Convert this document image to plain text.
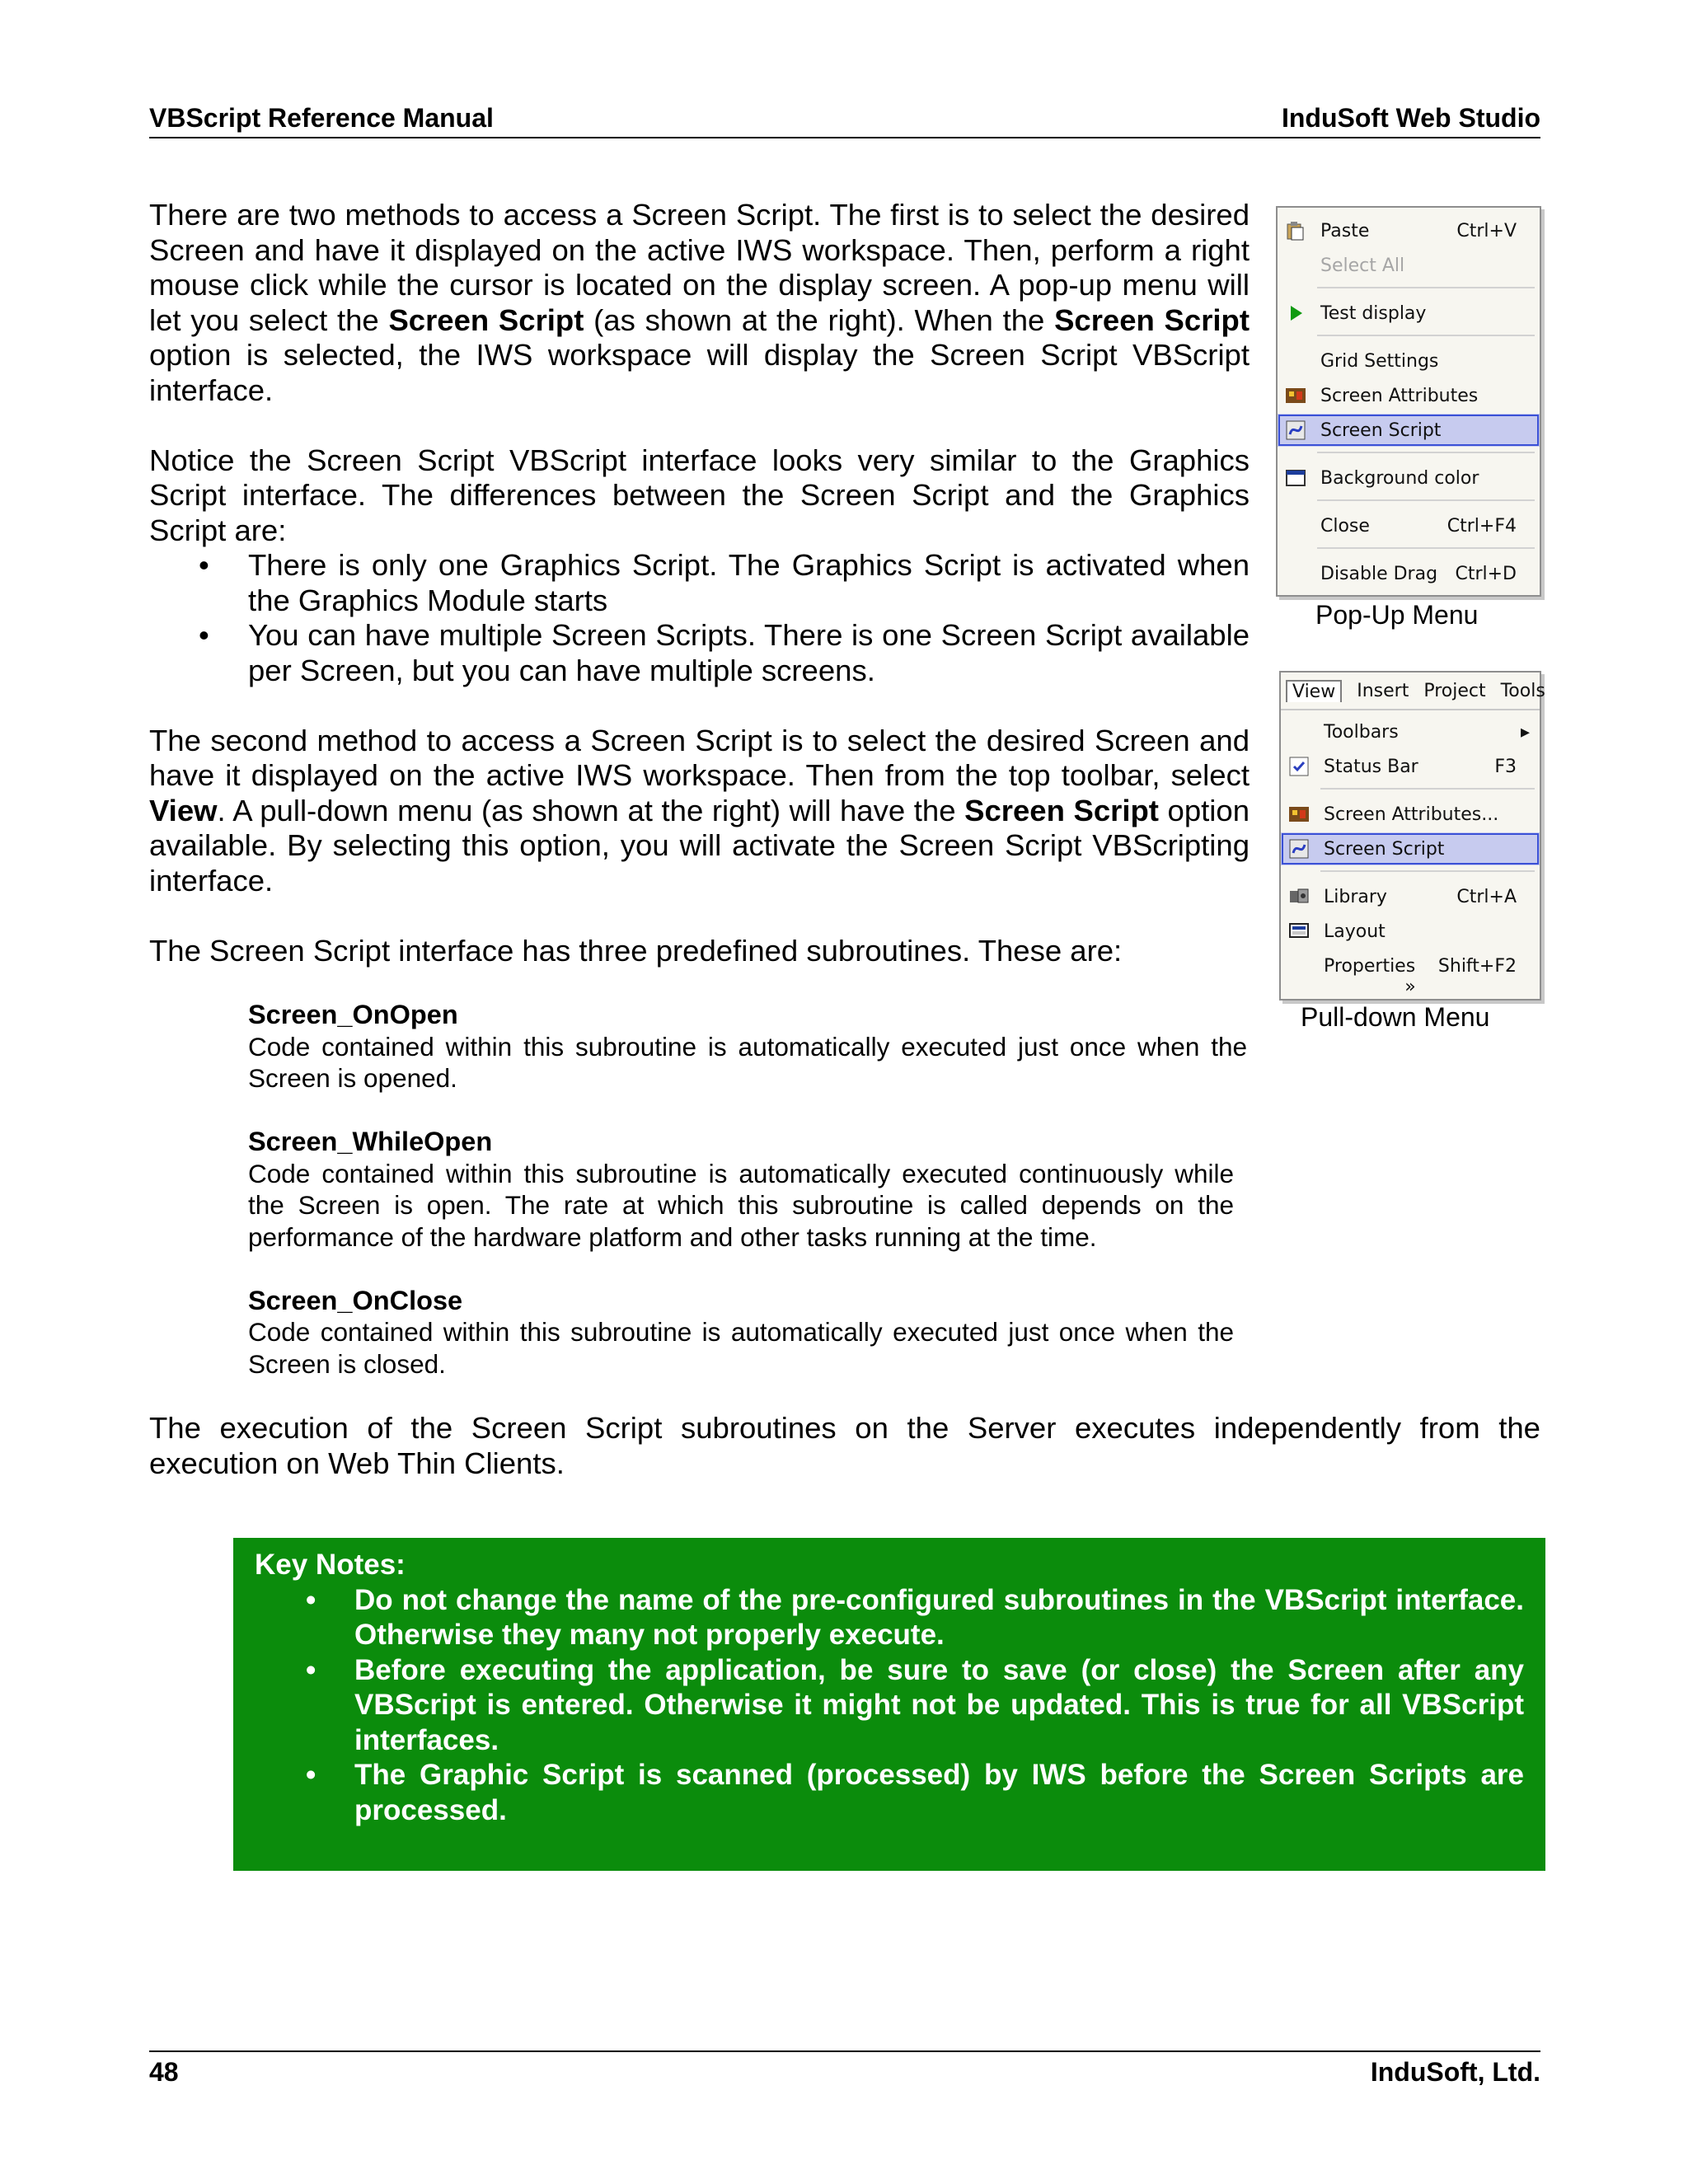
VBScript Reference Manual	InduSoft Web Studio

There are two methods to access a Screen Script. The first is to select the desired Screen and have it displayed on the active IWS workspace. Then, perform a right mouse click while the cursor is located on the display screen. A pop-up menu will let you select the Screen Script (as shown at the right). When the Screen Script option is selected, the IWS workspace will display the Screen Script VBScript interface.

Notice the Screen Script VBScript interface looks very similar to the Graphics Script interface. The differences between the Screen Script and the Graphics Script are:

• There is only one Graphics Script. The Graphics Script is activated when the Graphics Module starts
• You can have multiple Screen Scripts. There is one Screen Script available per Screen, but you can have multiple screens.

The second method to access a Screen Script is to select the desired Screen and have it displayed on the active IWS workspace. Then from the top toolbar, select View. A pull-down menu (as shown at the right) will have the Screen Script option available. By selecting this option, you will activate the Screen Script VBScripting interface.

The Screen Script interface has three predefined subroutines. These are:

Screen_OnOpen
Code contained within this subroutine is automatically executed just once when the Screen is opened.
Screen_WhileOpen
Code contained within this subroutine is automatically executed continuously while the Screen is open. The rate at which this subroutine is called depends on the performance of the hardware platform and other tasks running at the time.
Screen_OnClose
Code contained within this subroutine is automatically executed just once when the Screen is closed.
The execution of the Screen Script subroutines on the Server executes independently from the execution on Web Thin Clients.
Key Notes:
• Do not change the name of the pre-configured subroutines in the VBScript interface. Otherwise they many not properly execute.
• Before executing the application, be sure to save (or close) the Screen after any VBScript is entered. Otherwise it might not be updated. This is true for all VBScript interfaces.
• The Graphic Script is scanned (processed) by IWS before the Screen Scripts are processed.
Paste	Ctrl+V
Select All
Test display
Grid Settings
Screen Attributes
Screen Script
Background color
Close	Ctrl+F4
Disable Drag Ctrl+D
Pop-Up Menu
View	Insert Project Tools
Toolbars	▸
Status Bar	F3
Screen Attributes...
Screen Script
Library	Ctrl+A
Layout
Properties Shift+F2
»
Pull-down Menu
48	InduSoft, Ltd.
